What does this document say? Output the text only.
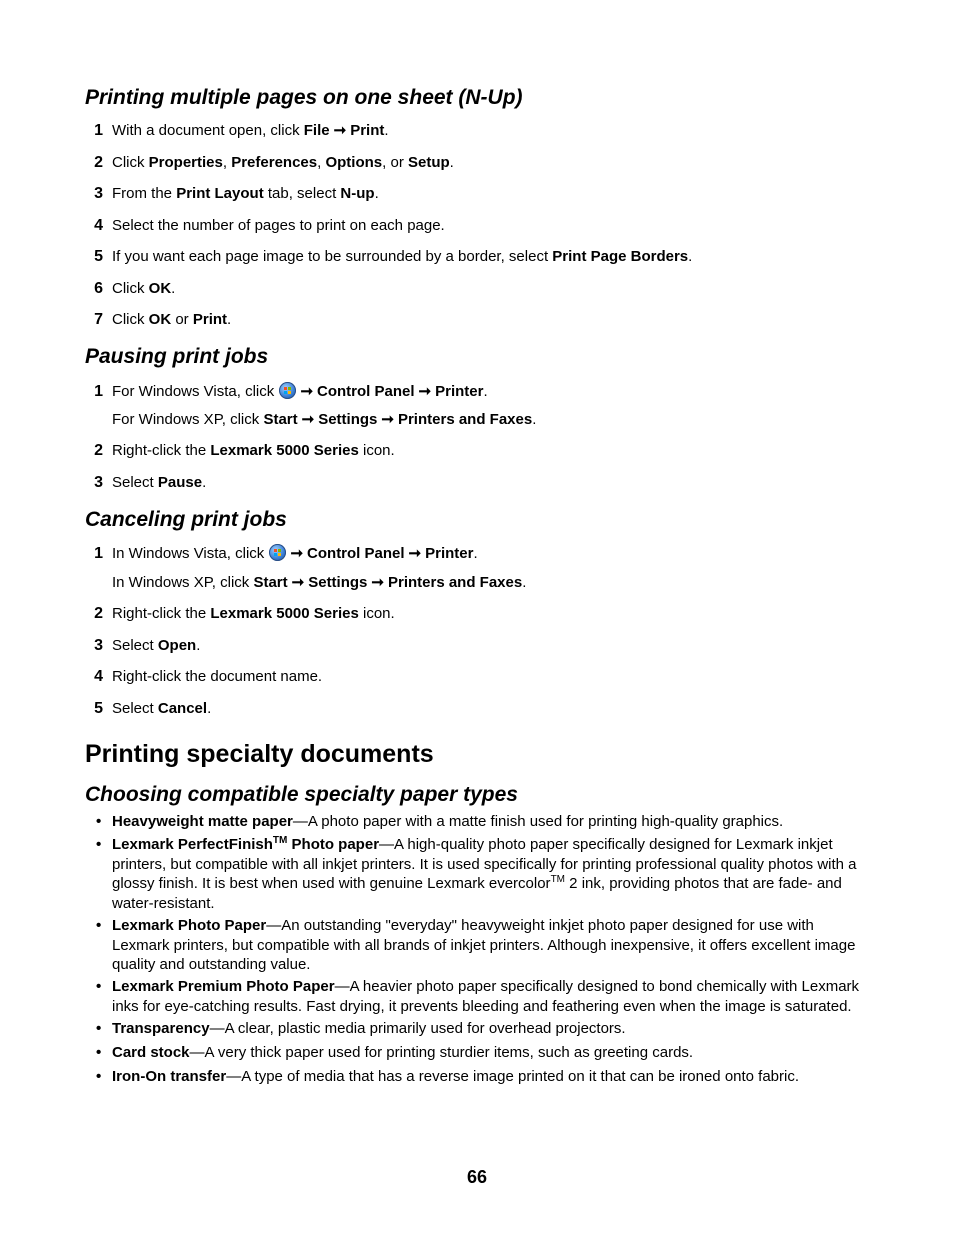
Printing multiple pages on one sheet (N-Up)
1 With a document open, click File ➞ Print.
2 Click Properties, Preferences, Options, or Setup.
3 From the Print Layout tab, select N-up.
4 Select the number of pages to print on each page.
5 If you want each page image to be surrounded by a border, select Print Page Borders.
6 Click OK.
7 Click OK or Print.
Pausing print jobs
1 For Windows Vista, click ➞ Control Panel ➞ Printer.
For Windows XP, click Start ➞ Settings ➞ Printers and Faxes.
2 Right-click the Lexmark 5000 Series icon.
3 Select Pause.
Canceling print jobs
1 In Windows Vista, click ➞ Control Panel ➞ Printer.
In Windows XP, click Start ➞ Settings ➞ Printers and Faxes.
2 Right-click the Lexmark 5000 Series icon.
3 Select Open.
4 Right-click the document name.
5 Select Cancel.
Printing specialty documents
Choosing compatible specialty paper types
• Heavyweight matte paper—A photo paper with a matte finish used for printing high-quality graphics.
• Lexmark PerfectFinish™ Photo paper—A high-quality photo paper specifically designed for Lexmark inkjet printers, but compatible with all inkjet printers. It is used specifically for printing professional quality photos with a glossy finish. It is best when used with genuine Lexmark evercolor™ 2 ink, providing photos that are fade- and water-resistant.
• Lexmark Photo Paper—An outstanding "everyday" heavyweight inkjet photo paper designed for use with Lexmark printers, but compatible with all brands of inkjet printers. Although inexpensive, it offers excellent image quality and outstanding value.
• Lexmark Premium Photo Paper—A heavier photo paper specifically designed to bond chemically with Lexmark inks for eye-catching results. Fast drying, it prevents bleeding and feathering even when the image is saturated.
• Transparency—A clear, plastic media primarily used for overhead projectors.
• Card stock—A very thick paper used for printing sturdier items, such as greeting cards.
• Iron-On transfer—A type of media that has a reverse image printed on it that can be ironed onto fabric.
66
